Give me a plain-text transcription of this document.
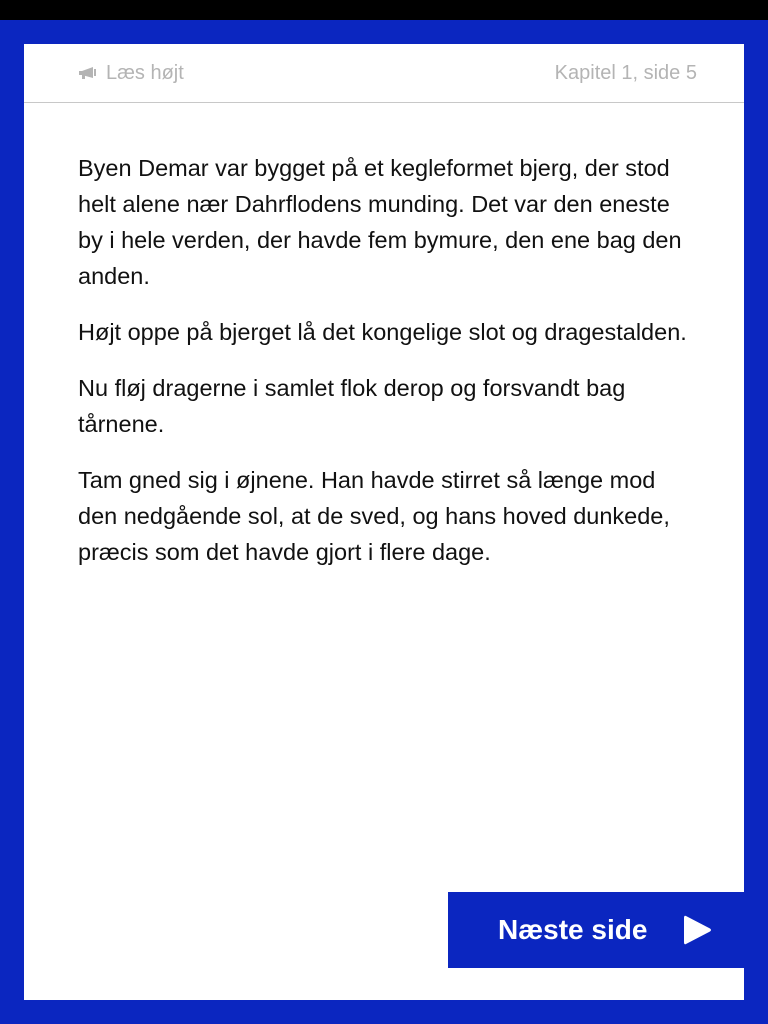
Læs højt	Kapitel 1, side 5

Byen Demar var bygget på et kegleformet bjerg, der stod helt alene nær Dahrflodens munding. Det var den eneste by i hele verden, der havde fem bymure, den ene bag den anden.

Højt oppe på bjerget lå det kongelige slot og dragestalden.

Nu fløj dragerne i samlet flok derop og forsvandt bag tårnene.

Tam gned sig i øjnene. Han havde stirret så længe mod den nedgående sol, at de sved, og hans hoved dunkede, præcis som det havde gjort i flere dage.

Næste side
